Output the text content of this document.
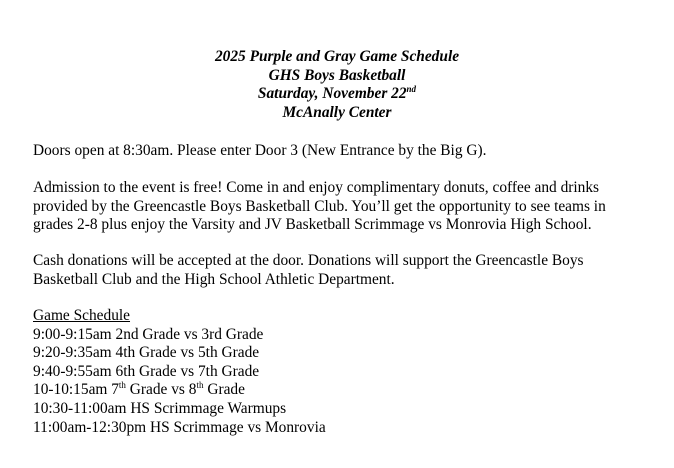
2025 Purple and Gray Game Schedule
GHS Boys Basketball
Saturday, November 22nd
McAnally Center
Doors open at 8:30am. Please enter Door 3 (New Entrance by the Big G).
Admission to the event is free! Come in and enjoy complimentary donuts, coffee and drinks
provided by the Greencastle Boys Basketball Club. You’ll get the opportunity to see teams in
grades 2-8 plus enjoy the Varsity and JV Basketball Scrimmage vs Monrovia High School.
Cash donations will be accepted at the door. Donations will support the Greencastle Boys
Basketball Club and the High School Athletic Department.
Game Schedule
9:00-9:15am 2nd Grade vs 3rd Grade
9:20-9:35am 4th Grade vs 5th Grade
9:40-9:55am 6th Grade vs 7th Grade
10-10:15am 7th Grade vs 8th Grade
10:30-11:00am HS Scrimmage Warmups
11:00am-12:30pm HS Scrimmage vs Monrovia
